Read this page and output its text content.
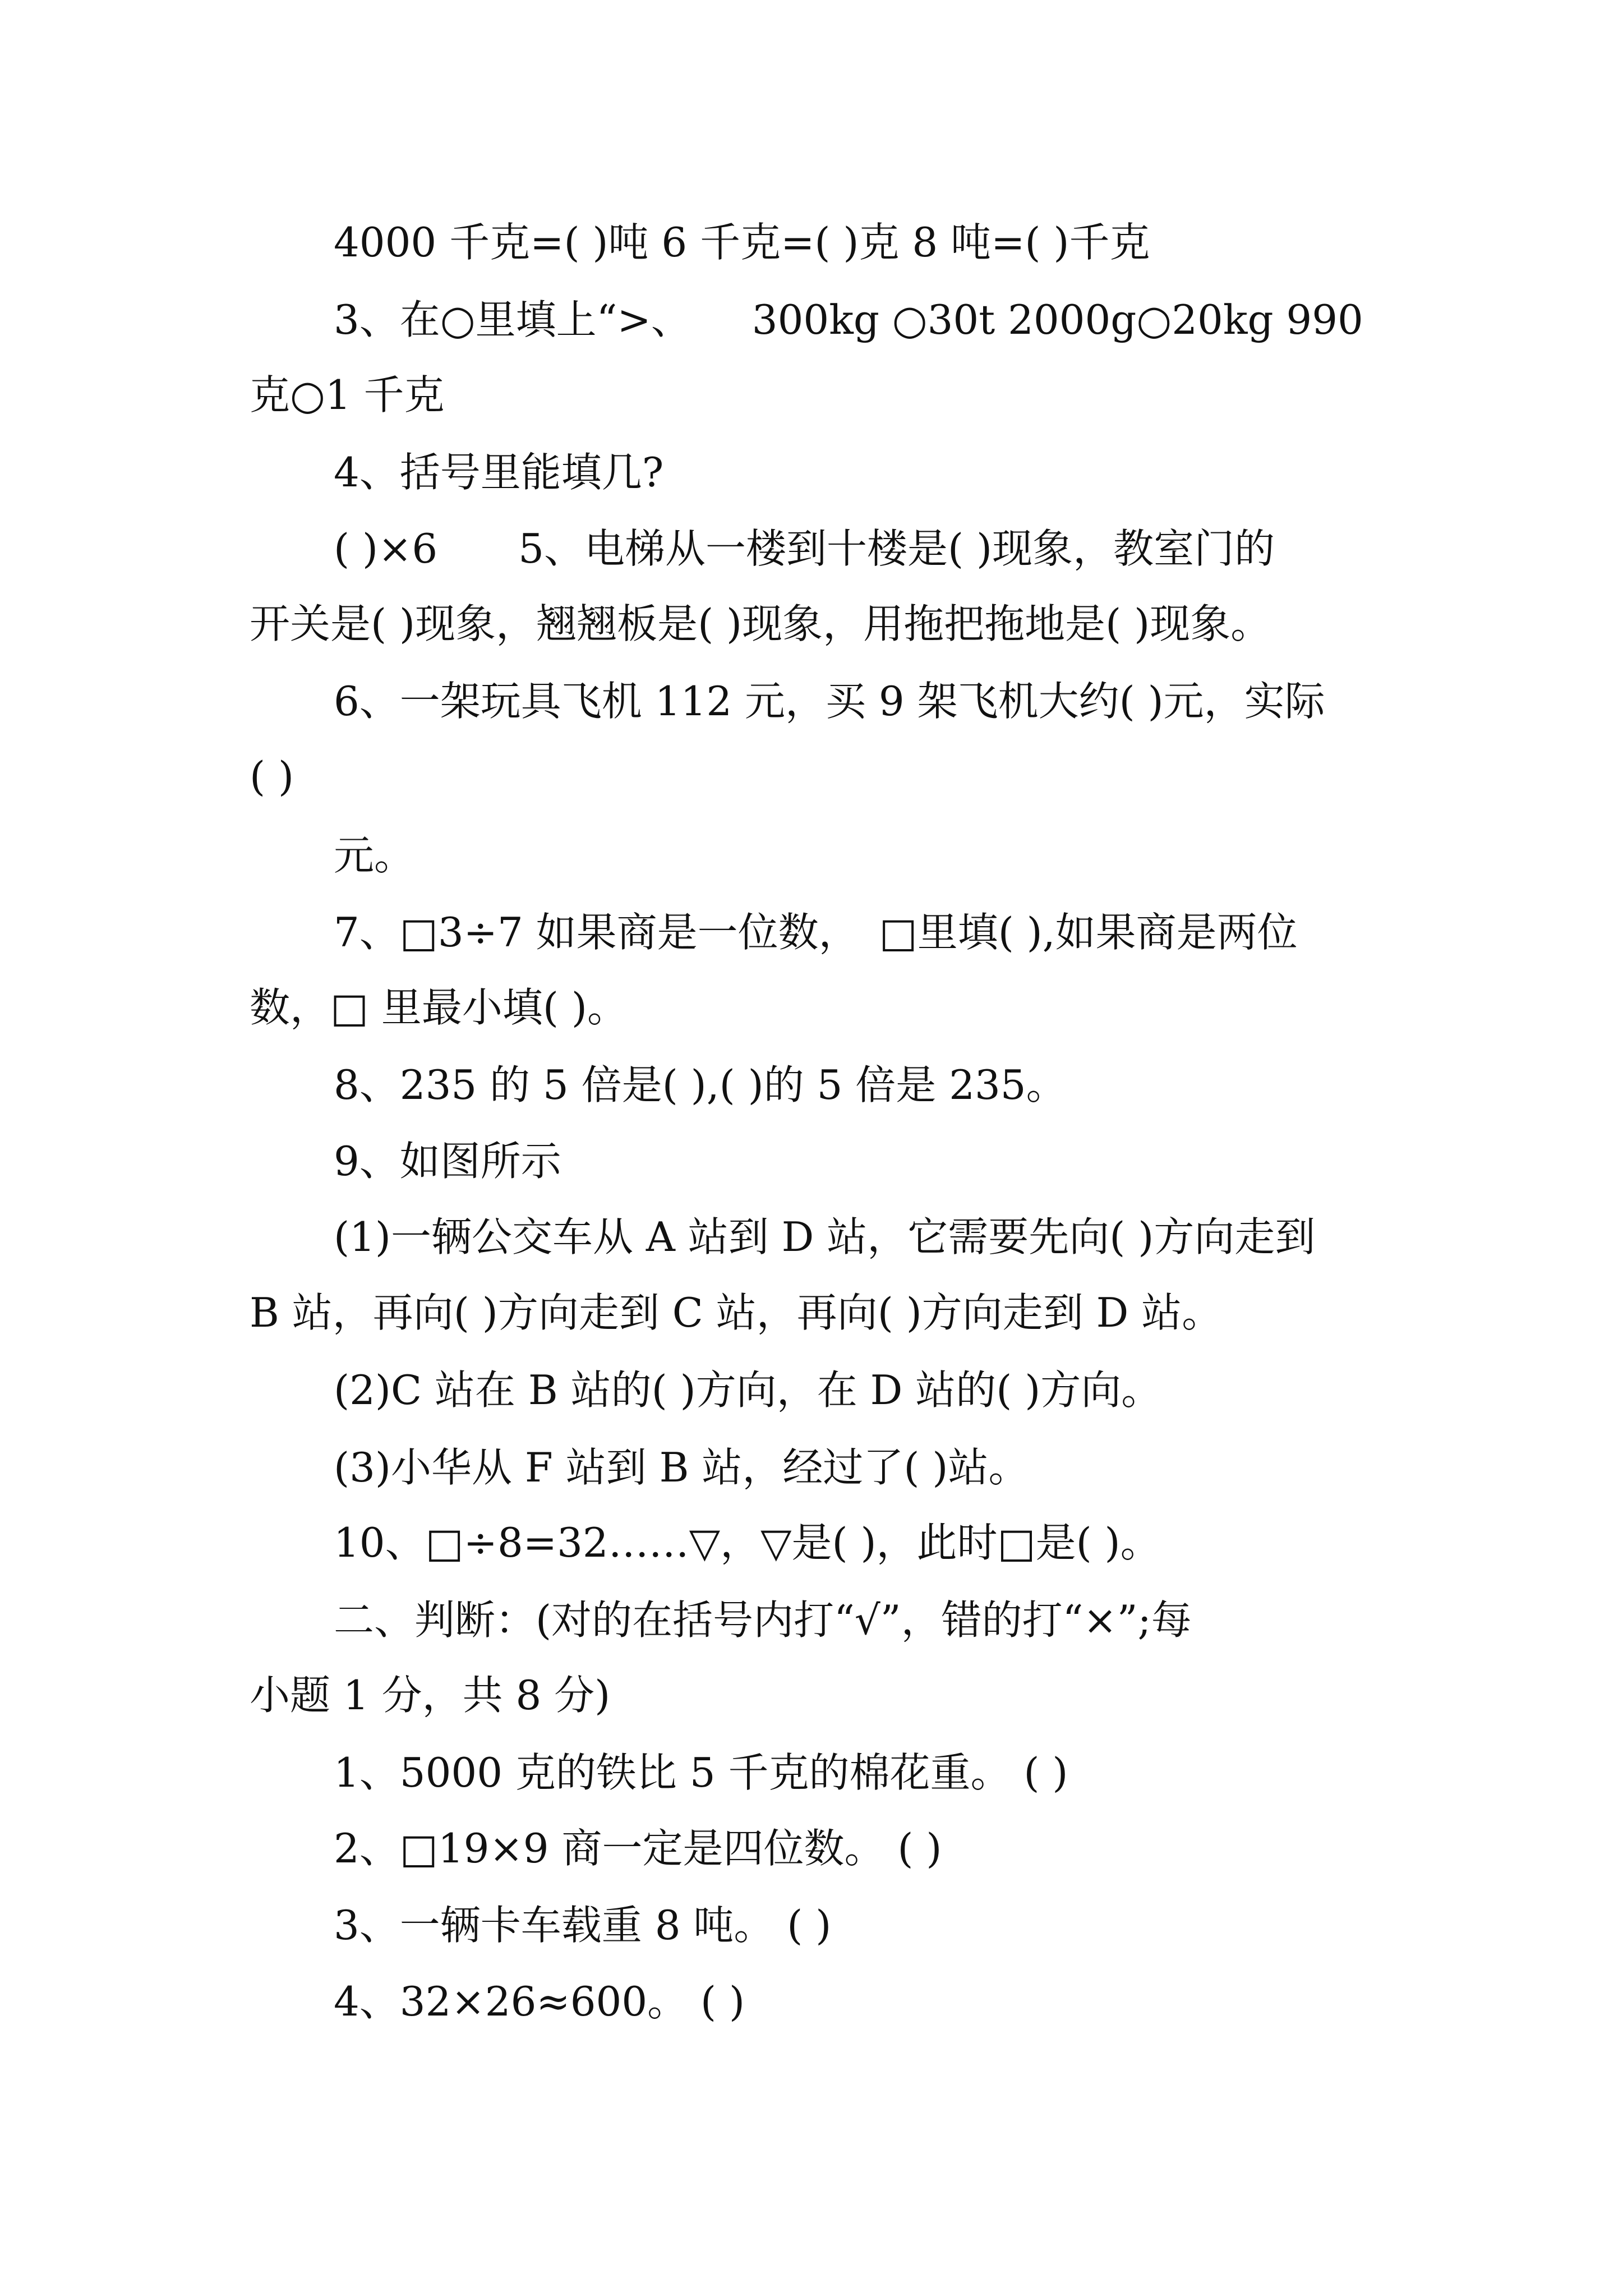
4000 千克=( )吨 6 千克=( )克 8 吨=( )千克
3、在○里填上“>、　　300kg ○30t 2000g○20kg 990
克○1 千克
4、括号里能填几?
( )×6　　5、电梯从一楼到十楼是( )现象，教室门的
开关是( )现象，翘翘板是( )现象，用拖把拖地是( )现象。
6、一架玩具飞机 112 元，买 9 架飞机大约( )元，实际
( )
元。
7、□3÷7 如果商是一位数，　□里填( ),如果商是两位
数，□ 里最小填( )。
8、235 的 5 倍是( ),( )的 5 倍是 235。
9、如图所示
(1)一辆公交车从 A 站到 D 站，它需要先向( )方向走到
B 站，再向( )方向走到 C 站，再向( )方向走到 D 站。
(2)C 站在 B 站的( )方向，在 D 站的( )方向。
(3)小华从 F 站到 B 站，经过了( )站。
10、□÷8=32……▽，▽是( )，此时□是( )。
二、判断：(对的在括号内打“√”，错的打“×”;每
小题 1 分，共 8 分)
1、5000 克的铁比 5 千克的棉花重。 ( )
2、□19×9 商一定是四位数。 ( )
3、一辆卡车载重 8 吨。 ( )
4、32×26≈600。 ( )
